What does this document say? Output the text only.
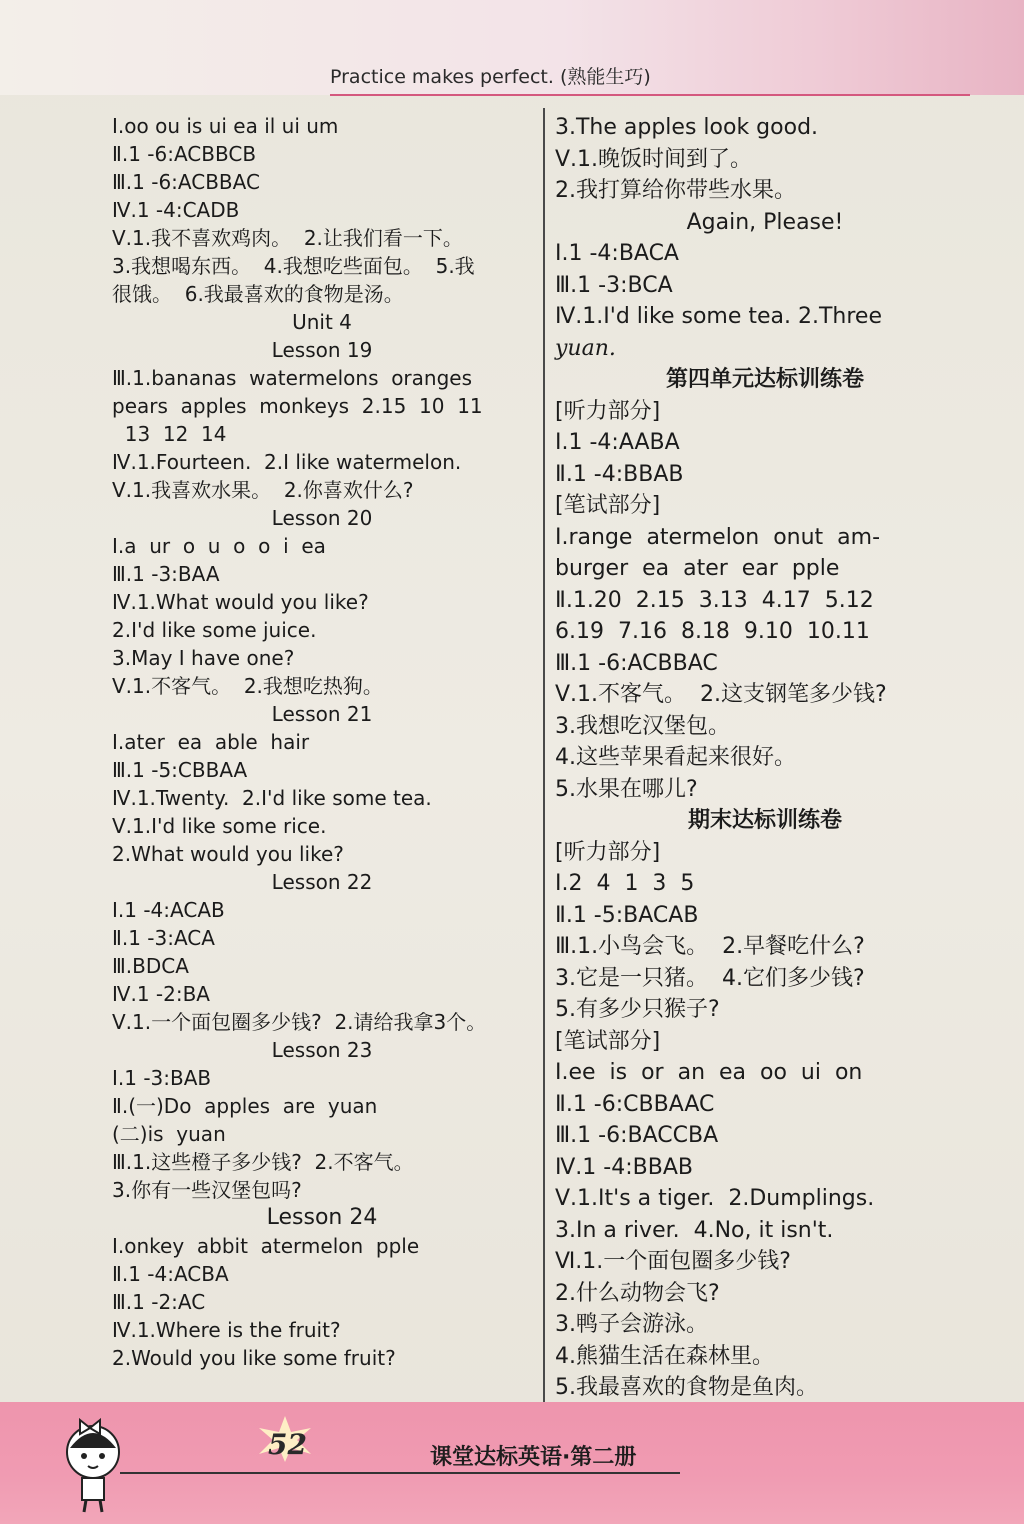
Practice makes perfect. (熟能生巧)
Ⅰ.oo ou is ui ea il ui um
Ⅱ.1 -6:ACBBCB
Ⅲ.1 -6:ACBBAC
Ⅳ.1 -4:CADB
Ⅴ.1.我不喜欢鸡肉。  2.让我们看一下。
3.我想喝东西。  4.我想吃些面包。  5.我
很饿。  6.我最喜欢的食物是汤。
Unit 4
Lesson 19
Ⅲ.1.bananas  watermelons  oranges
pears  apples  monkeys  2.15  10  11
13  12  14
Ⅳ.1.Fourteen.  2.I like watermelon.
Ⅴ.1.我喜欢水果。  2.你喜欢什么?
Lesson 20
Ⅰ.a  ur  o  u  o  o  i  ea
Ⅲ.1 -3:BAA
Ⅳ.1.What would you like?
2.I'd like some juice.
3.May I have one?
Ⅴ.1.不客气。  2.我想吃热狗。
Lesson 21
Ⅰ.ater  ea  able  hair
Ⅲ.1 -5:CBBAA
Ⅳ.1.Twenty.  2.I'd like some tea.
Ⅴ.1.I'd like some rice.
2.What would you like?
Lesson 22
Ⅰ.1 -4:ACAB
Ⅱ.1 -3:ACA
Ⅲ.BDCA
Ⅳ.1 -2:BA
Ⅴ.1.一个面包圈多少钱?  2.请给我拿3个。
Lesson 23
Ⅰ.1 -3:BAB
Ⅱ.(一)Do  apples  are  yuan
(二)is  yuan
Ⅲ.1.这些橙子多少钱?  2.不客气。
3.你有一些汉堡包吗?
Lesson 24
Ⅰ.onkey  abbit  atermelon  pple
Ⅱ.1 -4:ACBA
Ⅲ.1 -2:AC
Ⅳ.1.Where is the fruit?
2.Would you like some fruit?
3.The apples look good.
Ⅴ.1.晚饭时间到了。
2.我打算给你带些水果。
Again, Please!
Ⅰ.1 -4:BACA
Ⅲ.1 -3:BCA
Ⅳ.1.I'd like some tea. 2.Three
yuan.
第四单元达标训练卷
[听力部分]
Ⅰ.1 -4:AABA
Ⅱ.1 -4:BBAB
[笔试部分]
Ⅰ.range  atermelon  onut  am-
burger  ea  ater  ear  pple
Ⅱ.1.20  2.15  3.13  4.17  5.12
6.19  7.16  8.18  9.10  10.11
Ⅲ.1 -6:ACBBAC
Ⅴ.1.不客气。  2.这支钢笔多少钱?
3.我想吃汉堡包。
4.这些苹果看起来很好。
5.水果在哪儿?
期末达标训练卷
[听力部分]
Ⅰ.2  4  1  3  5
Ⅱ.1 -5:BACAB
Ⅲ.1.小鸟会飞。  2.早餐吃什么?
3.它是一只猪。  4.它们多少钱?
5.有多少只猴子?
[笔试部分]
Ⅰ.ee  is  or  an  ea  oo  ui  on
Ⅱ.1 -6:CBBAAC
Ⅲ.1 -6:BACCBA
Ⅳ.1 -4:BBAB
Ⅴ.1.It's a tiger.  2.Dumplings.
3.In a river.  4.No, it isn't.
Ⅵ.1.一个面包圈多少钱?
2.什么动物会飞?
3.鸭子会游泳。
4.熊猫生活在森林里。
5.我最喜欢的食物是鱼肉。
52	课堂达标英语·第二册
